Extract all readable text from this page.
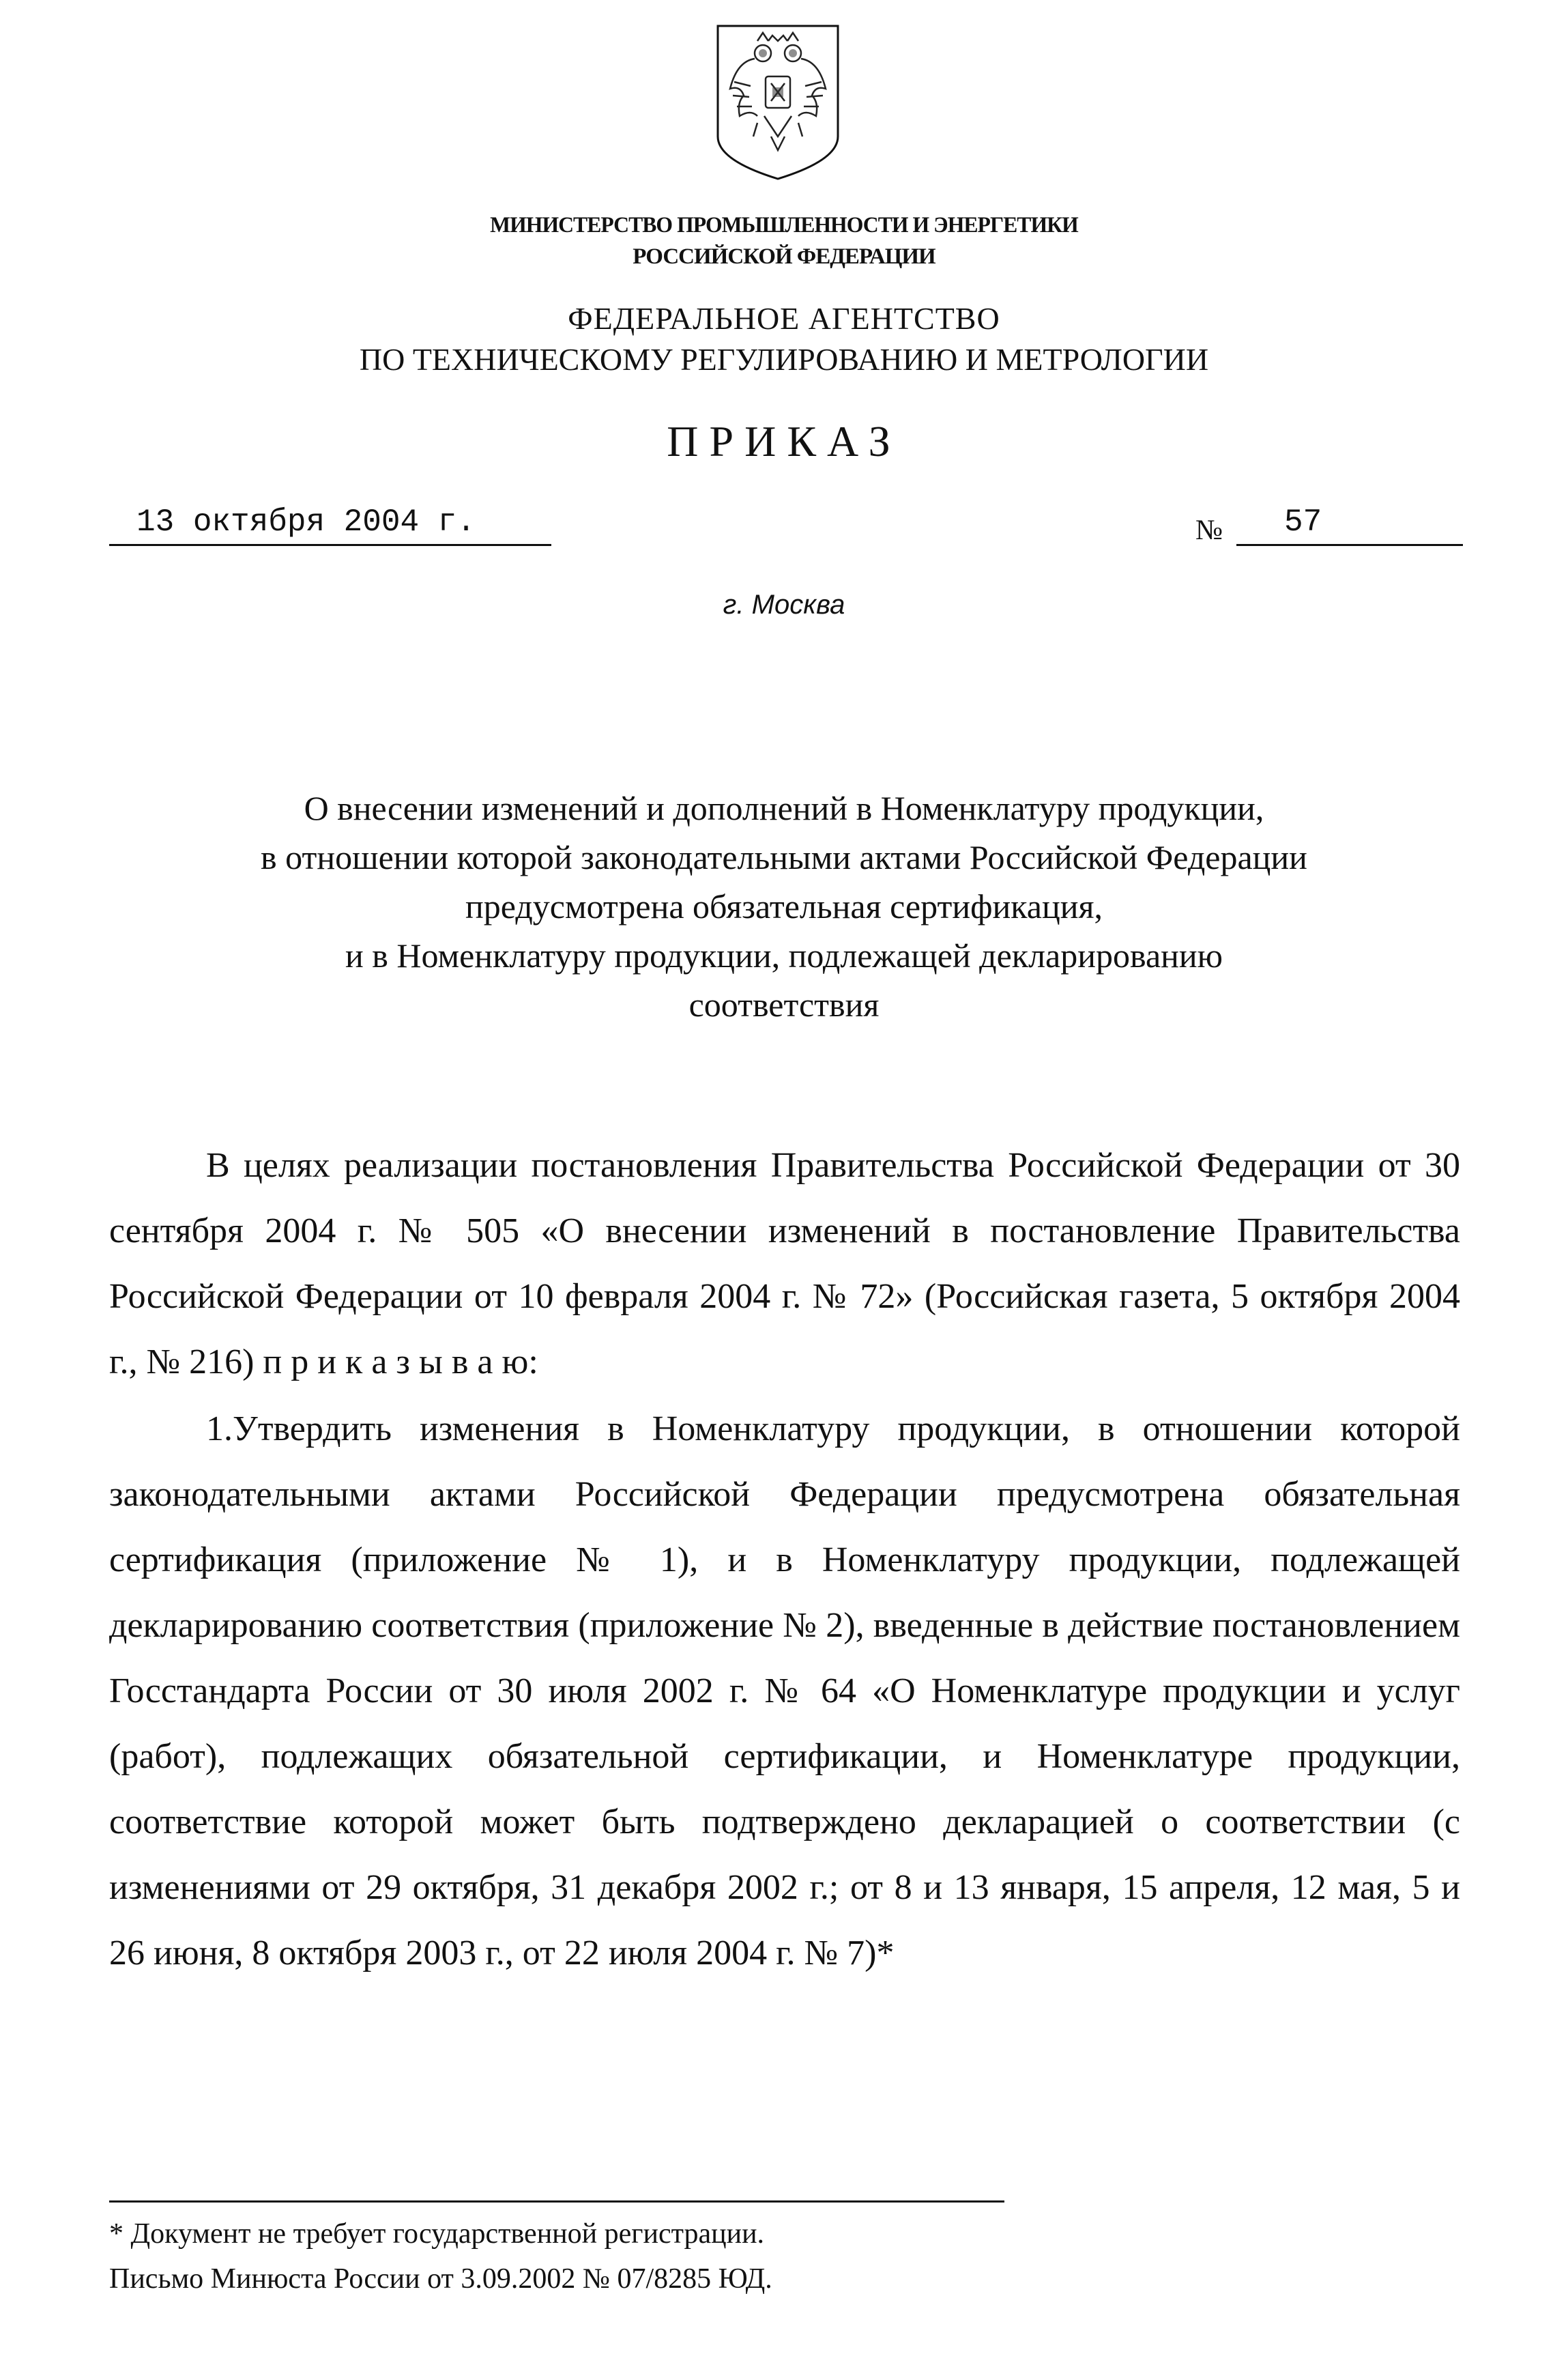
МИНИСТЕРСТВО ПРОМЫШЛЕННОСТИ И ЭНЕРГЕТИКИ
РОССИЙСКОЙ ФЕДЕРАЦИИ
ФЕДЕРАЛЬНОЕ АГЕНТСТВО
ПО ТЕХНИЧЕСКОМУ РЕГУЛИРОВАНИЮ И МЕТРОЛОГИИ
ПРИКАЗ
13 октября 2004 г.	№	57
г. Москва
О внесении изменений и дополнений в Номенклатуру продукции,
в отношении которой законодательными актами Российской Федерации
предусмотрена обязательная сертификация,
и в Номенклатуру продукции, подлежащей декларированию
соответствия

В целях реализации постановления Правительства Российской Федерации от 30 сентября 2004 г. № 505 «О внесении изменений в постановление Правительства Российской Федерации от 10 февраля 2004 г. № 72» (Российская газета, 5 октября 2004 г., № 216) п р и к а з ы в а ю:

1.Утвердить изменения в Номенклатуру продукции, в отношении которой законодательными актами Российской Федерации предусмотрена обязательная сертификация (приложение № 1), и в Номенклатуру продукции, подлежащей декларированию соответствия (приложение № 2), введенные в действие постановлением Госстандарта России от 30 июля 2002 г. № 64 «О Номенклатуре продукции и услуг (работ), подлежащих обязательной сертификации, и Номенклатуре продукции, соответствие которой может быть подтверждено декларацией о соответствии (с изменениями от 29 октября, 31 декабря 2002 г.; от 8 и 13 января, 15 апреля, 12 мая, 5 и 26 июня, 8 октября 2003 г., от 22 июля 2004 г. № 7)*

* Документ не требует государственной регистрации.
Письмо Минюста России от 3.09.2002 № 07/8285 ЮД.
